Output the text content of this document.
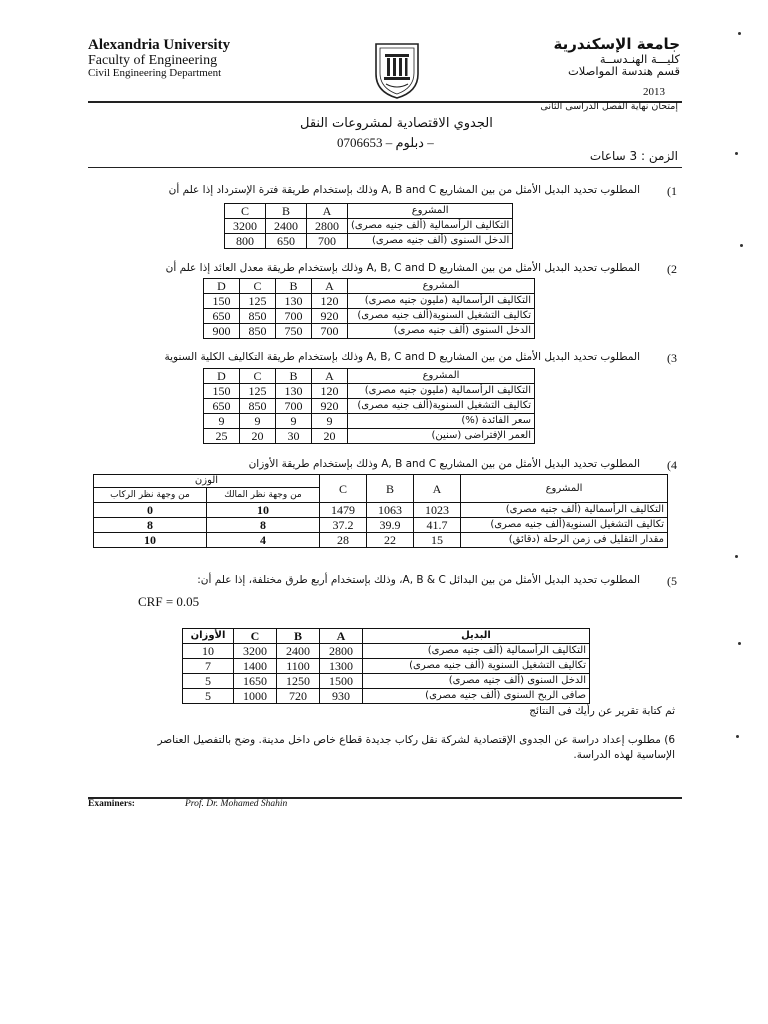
Alexandria University
Faculty of Engineering
Civil Engineering Department
جامعة الإسكندرية
كليـــة الهنـدســة
قسم هندسة المواصلات
2013
إمتحان نهاية الفصل الدراسى الثانى
الجدوي الاقتصادية لمشروعات النقل
0706653 – دبلوم –
الزمن : 3 ساعات
(1
المطلوب تحديد البديل الأمثل من بين المشاريع A, B and C وذلك بإستخدام طريقة فترة الإسترداد إذا علم أن
C	B	A	المشروع
3200	2400	2800	التكاليف الرأسمالية (ألف جنيه مصرى)
800	650	700	الدخل السنوى (ألف جنيه مصرى)
(2
المطلوب تحديد البديل الأمثل من بين المشاريع A, B, C and D وذلك بإستخدام طريقة معدل العائد إذا علم أن
D	C	B	A	المشروع
150	125	130	120	التكاليف الرأسمالية (مليون جنيه مصرى)
650	850	700	920	تكاليف التشغيل السنوية(ألف جنيه مصرى)
900	850	750	700	الدخل السنوى (ألف جنيه مصرى)
(3
المطلوب تحديد البديل الأمثل من بين المشاريع A, B, C and D وذلك بإستخدام طريقة التكاليف الكلية السنوية
D	C	B	A	المشروع
150	125	130	120	التكاليف الرأسمالية (مليون جنيه مصرى)
650	850	700	920	تكاليف التشغيل السنوية(ألف جنيه مصرى)
9	9	9	9	سعر الفائدة (%)
25	20	30	20	العمر الإفتراضى (سنين)
(4
المطلوب تحديد البديل الأمثل من بين المشاريع A, B and C وذلك بإستخدام طريقة الأوزان
الوزن		C	B	A	المشروع
من وجهة نظر الركاب	من وجهة نظر المالك				
0	10	1479	1063	1023	التكاليف الرأسمالية (ألف جنيه مصرى)
8	8	37.2	39.9	41.7	تكاليف التشغيل السنوية(ألف جنيه مصرى)
10	4	28	22	15	مقدار التقليل فى زمن الرحلة (دقائق)
(5
المطلوب تحديد البديل الأمثل من بين البدائل A, B & C، وذلك بإستخدام أربع طرق مختلفة، إذا علم أن:
CRF = 0.05
الأوزان	C	B	A	البديل
10	3200	2400	2800	التكاليف الرأسمالية (ألف جنيه مصرى)
7	1400	1100	1300	تكاليف التشغيل السنوية (ألف جنيه مصرى)
5	1650	1250	1500	الدخل السنوى (ألف جنيه مصرى)
5	1000	720	930	صافى الربح السنوى (ألف جنيه مصرى)
ثم كتابة تقرير عن رأيك فى النتائج
6) مطلوب إعداد دراسة عن الجدوى الإقتصادية لشركة نقل ركاب جديدة قطاع خاص داخل مدينة. وضح بالتفصيل العناصر
الإساسية لهذه الدراسة.
Examiners:	Prof. Dr. Mohamed Shahin
